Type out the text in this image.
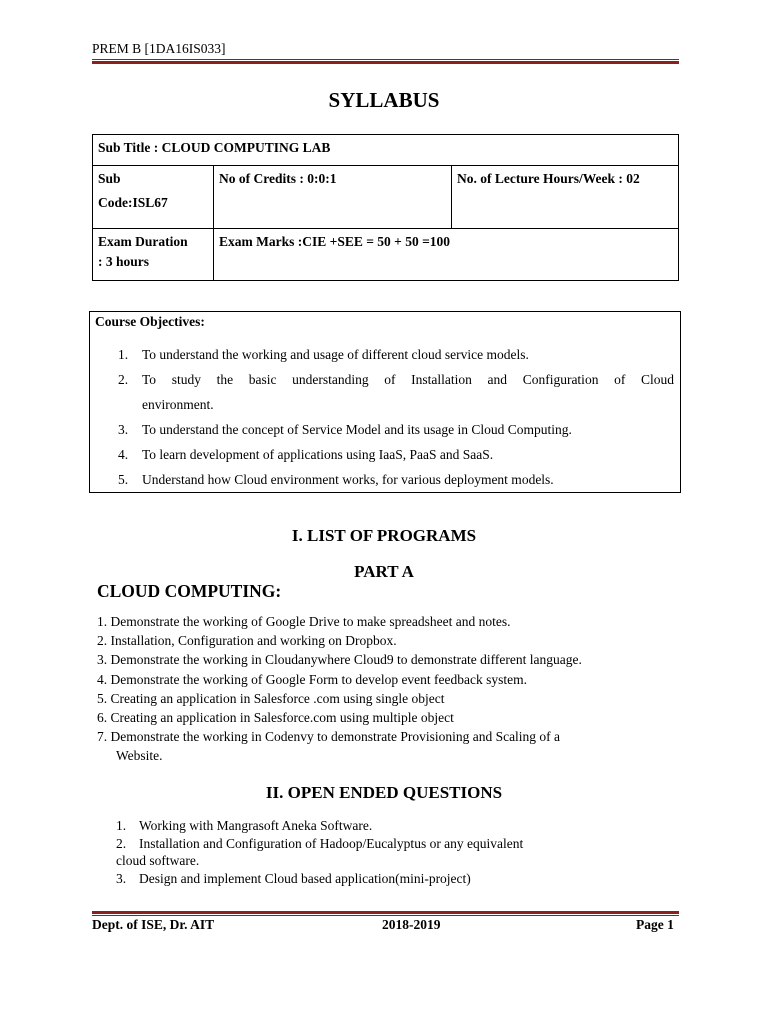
PREM B [1DA16IS033]
SYLLABUS
Sub Title : CLOUD COMPUTING LAB		

Sub
Code:ISL67	No of Credits : 0:0:1	No. of Lecture Hours/Week : 02

Exam Duration
: 3 hours	Exam Marks :CIE +SEE = 50 + 50 =100	
Course Objectives:
1.	To understand the working and usage of different cloud service models.
2.	To study the basic understanding of Installation and Configuration of Cloud
environment.
3.	To understand the concept of Service Model and its usage in Cloud Computing.
4.	To learn development of applications using IaaS, PaaS and SaaS.
5.	Understand how Cloud environment works, for various deployment models.
I. LIST OF PROGRAMS
PART A
CLOUD COMPUTING:
1. Demonstrate the working of Google Drive to make spreadsheet and notes.
2. Installation, Configuration and working on Dropbox.
3. Demonstrate the working in Cloudanywhere Cloud9 to demonstrate different language.
4. Demonstrate the working of Google Form to develop event feedback system.
5. Creating an application in Salesforce .com using single object
6. Creating an application in Salesforce.com using multiple object
7. Demonstrate the working in Codenvy to demonstrate Provisioning and Scaling of a
Website.
II. OPEN ENDED QUESTIONS
1. Working with Mangrasoft Aneka Software.
2. Installation and Configuration of Hadoop/Eucalyptus or any equivalent
cloud software.
3. Design and implement Cloud based application(mini-project)
Dept. of ISE, Dr. AIT	2018-2019	Page 1
